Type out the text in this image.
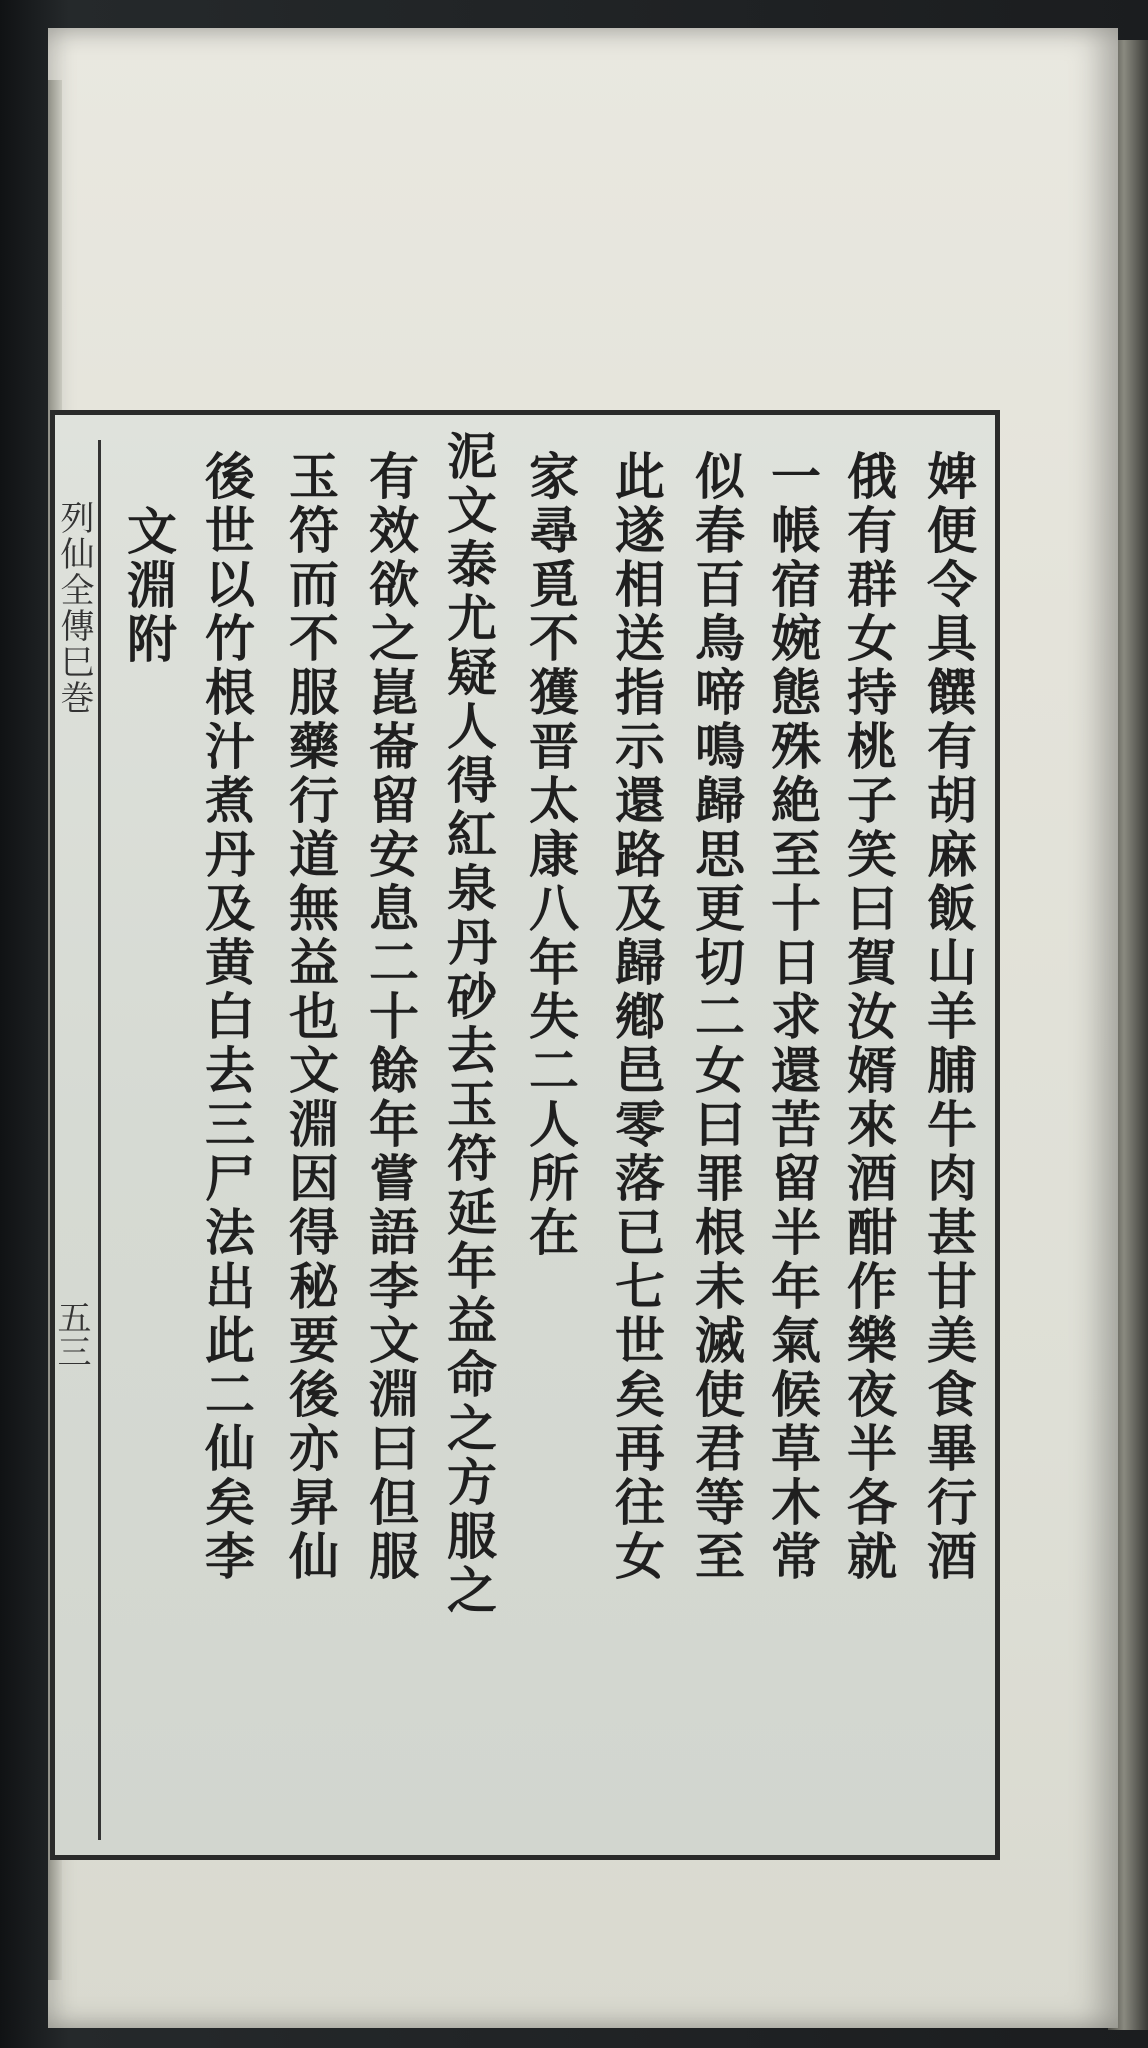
列仙全傳巳巻
五三	婢便令具饌有胡麻飯山羊脯牛肉甚甘美食畢行酒
俄有群女持桃子笑曰賀汝婿來酒酣作樂夜半各就
一帳宿婉態殊絶至十日求還苦留半年氣候草木常
似春百鳥啼鳴歸思更切二女曰罪根未滅使君等至
此遂相送指示還路及歸鄕邑零落已七世矣再往女
家尋覓不獲晋太康八年失二人所在
泥文泰尤疑人得紅泉丹砂去玉符延年益命之方服之
有效欲之崑崙留安息二十餘年嘗語李文淵曰但服
玉符而不服藥行道無益也文淵因得秘要後亦昇仙
後世以竹根汁煮丹及黄白去三尸法出此二仙矣李
文淵附
